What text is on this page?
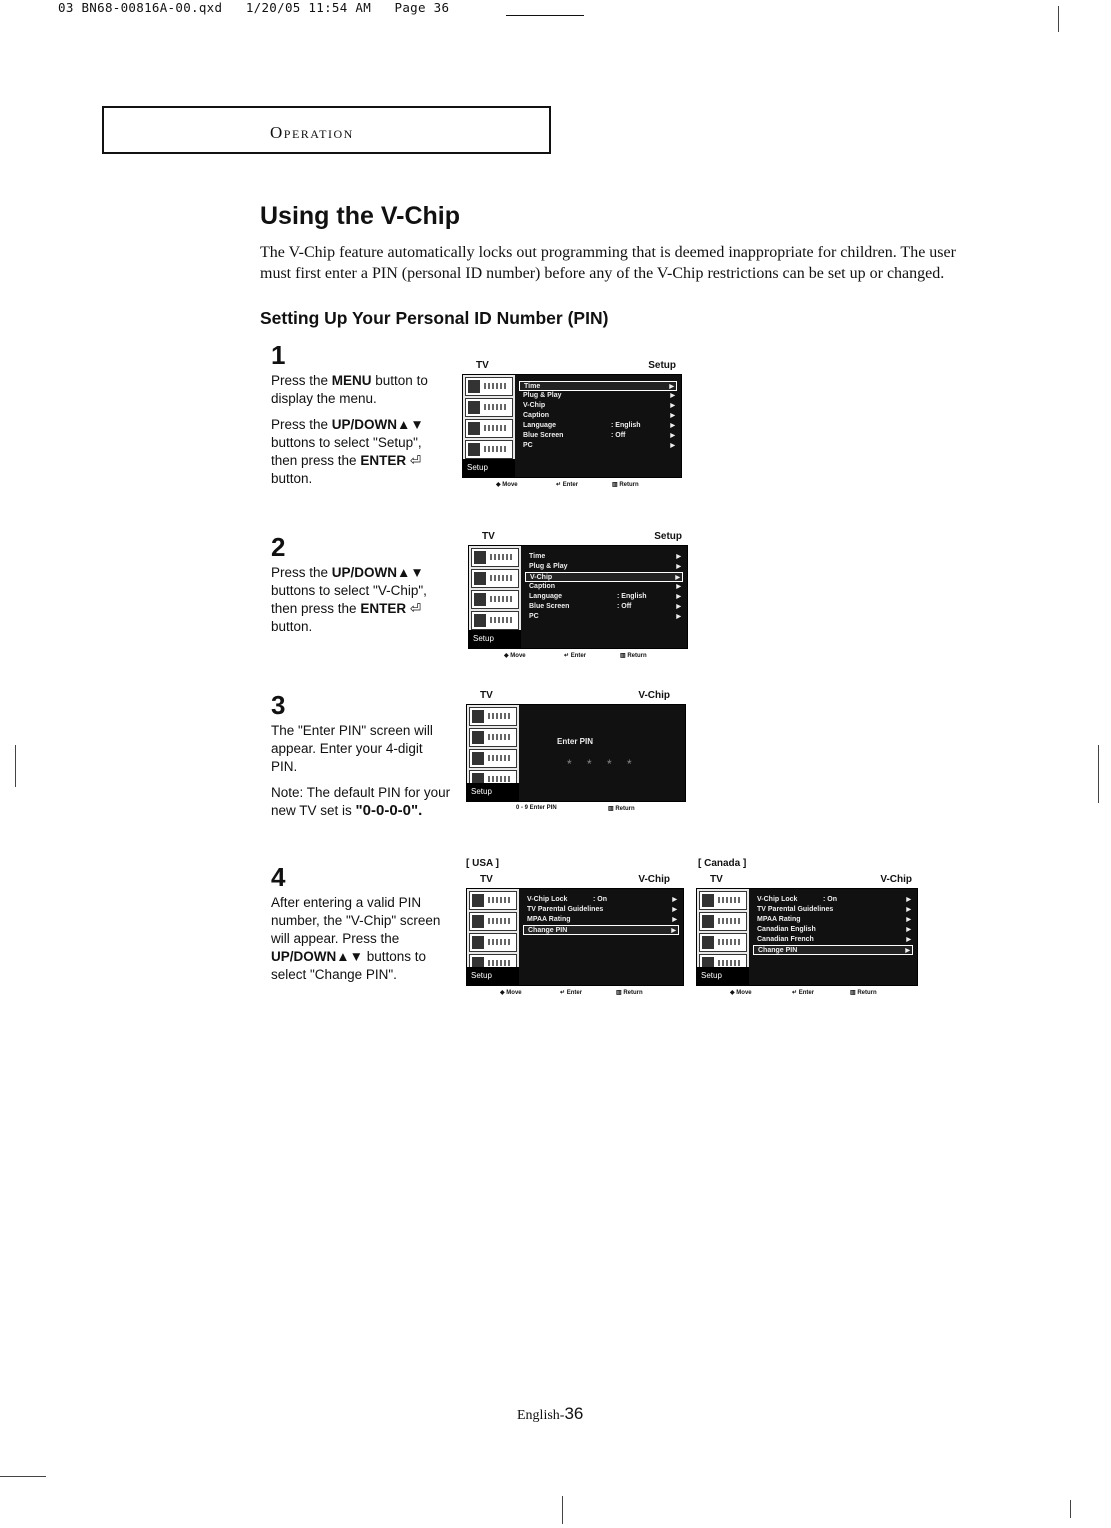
03 BN68-00816A-00.qxd 1/20/05 11:54 AM Page 36
Operation
Using the V-Chip

The V-Chip feature automatically locks out programming that is deemed inappropriate for children. The user must first enter a PIN (personal ID number) before any of the V-Chip restrictions can be set up or changed.

Setting Up Your Personal ID Number (PIN)
1

Press the MENU button to display the menu.

Press the UP/DOWN▲▼ buttons to select "Setup", then press the ENTER ⏎ button.

2

Press the UP/DOWN▲▼ buttons to select "V-Chip", then press the ENTER ⏎ button.

3

The "Enter PIN" screen will appear. Enter your 4-digit PIN.

Note: The default PIN for your new TV set is "0-0-0-0".

4

After entering a valid PIN number, the "V-Chip" screen will appear. Press the UP/DOWN▲▼ buttons to select "Change PIN".

TV	Setup
Setup
Time	▶
Plug & Play	▶
V-Chip	▶
Caption	▶
Language	: English	▶
Blue Screen	: Off	▶
PC	▶
◆ Move	↵ Enter	▥ Return
TV	Setup
Setup
Time	▶
Plug & Play	▶
V-Chip	▶
Caption	▶
Language	: English	▶
Blue Screen	: Off	▶
PC	▶
◆ Move	↵ Enter	▥ Return
TV	V-Chip
Setup
Enter PIN
* * * *
0 - 9 Enter PIN	▥ Return
[ USA ]
TV	V-Chip
Setup
V-Chip Lock	: On	▶
TV Parental Guidelines	▶
MPAA Rating	▶
Change PIN	▶
◆ Move	↵ Enter	▥ Return
[ Canada ]
TV	V-Chip
Setup
V-Chip Lock	: On	▶
TV Parental Guidelines	▶
MPAA Rating	▶
Canadian English	▶
Canadian French	▶
Change PIN	▶
◆ Move	↵ Enter	▥ Return
English-36
